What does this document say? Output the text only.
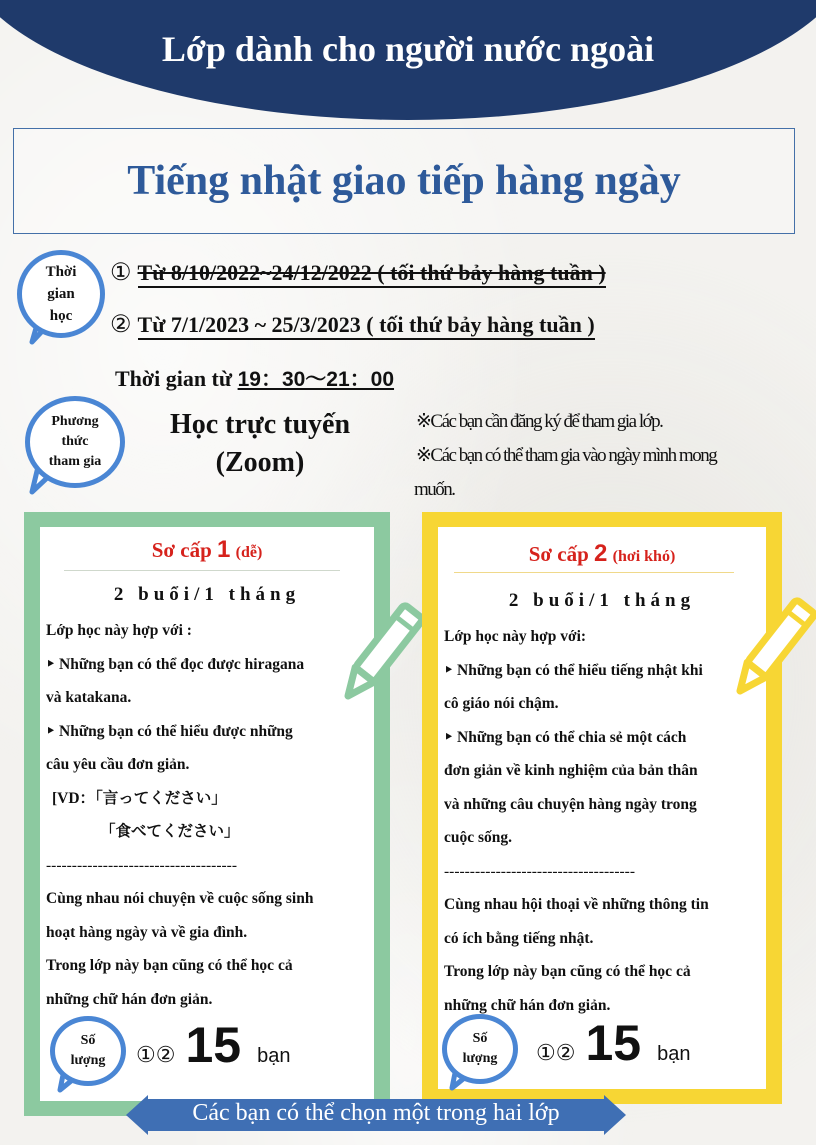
Lớp dành cho người nước ngoài
Tiếng nhật giao tiếp hàng ngày
Thời
gian
học
① Từ 8/10/2022~24/12/2022 ( tối thứ bảy hàng tuần )
② Từ 7/1/2023 ~ 25/3/2023 ( tối thứ bảy hàng tuần )
Thời gian từ 19：30〜21：00
Phương
thức
tham gia
Học trực tuyến
(Zoom)
※Các bạn cần đăng ký để tham gia lớp.
※Các bạn có thể tham gia vào ngày mình mong
muốn.
Sơ cấp 1 (dễ)
2 buổi/1 tháng
Lớp học này hợp với :
‣ Những bạn có thể đọc được hiragana
và katakana.
‣ Những bạn có thể hiểu được những
câu yêu cầu đơn giản.
[VD：「言ってください」
「食べてください」
-------------------------------------
Cùng nhau nói chuyện về cuộc sống sinh
hoạt hàng ngày và về gia đình.
Trong lớp này bạn cũng có thể học cả
những chữ hán đơn giản.
Số
lượng ①② 15 bạn
Sơ cấp 2 (hơi khó)
2 buổi/1 tháng
Lớp học này hợp với:
‣ Những bạn có thể hiểu tiếng nhật khi
cô giáo nói chậm.
‣ Những bạn có thể chia sẻ một cách
đơn giản về kinh nghiệm của bản thân
và những câu chuyện hàng ngày trong
cuộc sống.
-------------------------------------
Cùng nhau hội thoại về những thông tin
có ích bằng tiếng nhật.
Trong lớp này bạn cũng có thể học cả
những chữ hán đơn giản.
Số
lượng ①② 15 bạn
Các bạn có thể chọn một trong hai lớp
